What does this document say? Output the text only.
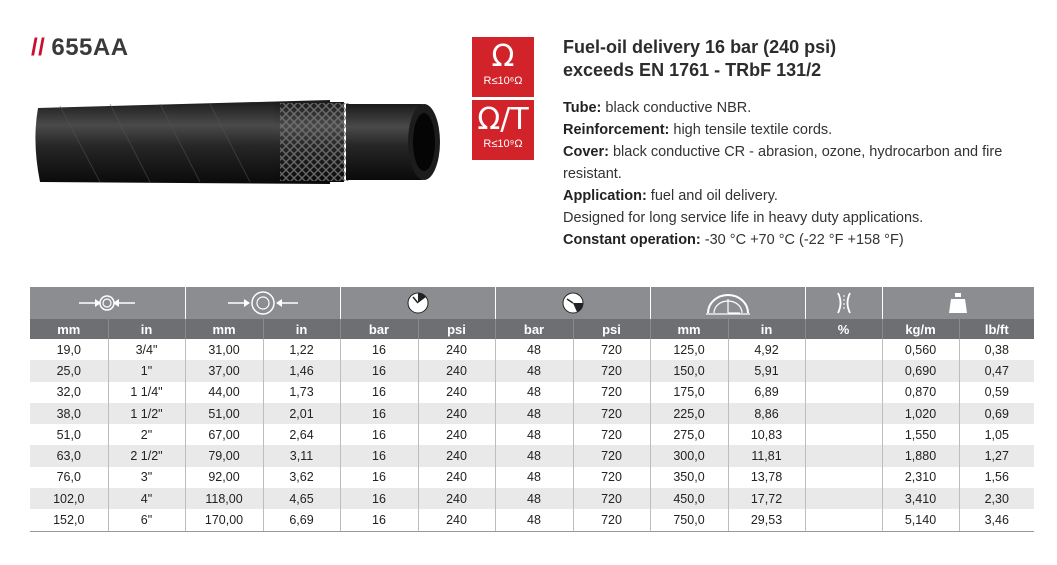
// 655AA	Ω
R≤10⁶Ω
Ω/T
R≤10⁹Ω
Fuel-oil delivery 16 bar (240 psi)
exceeds EN 1761 - TRbF 131/2
Tube: black conductive NBR.
Reinforcement: high tensile textile cords.
Cover: black conductive CR - abrasion, ozone, hydrocarbon and fire resistant.
Application: fuel and oil delivery.
Designed for long service life in heavy duty applications.
Constant operation: -30 °C +70 °C (-22 °F +158 °F)

mm	in	mm	in	bar	psi	bar	psi	mm	in	%	kg/m	lb/ft
19,0	3/4"	31,00	1,22	16	240	48	720	125,0	4,92		0,560	0,38
25,0	1"	37,00	1,46	16	240	48	720	150,0	5,91		0,690	0,47
32,0	1 1/4"	44,00	1,73	16	240	48	720	175,0	6,89		0,870	0,59
38,0	1 1/2"	51,00	2,01	16	240	48	720	225,0	8,86		1,020	0,69
51,0	2"	67,00	2,64	16	240	48	720	275,0	10,83		1,550	1,05
63,0	2 1/2"	79,00	3,11	16	240	48	720	300,0	11,81		1,880	1,27
76,0	3"	92,00	3,62	16	240	48	720	350,0	13,78		2,310	1,56
102,0	4"	118,00	4,65	16	240	48	720	450,0	17,72		3,410	2,30
152,0	6"	170,00	6,69	16	240	48	720	750,0	29,53		5,140	3,46
